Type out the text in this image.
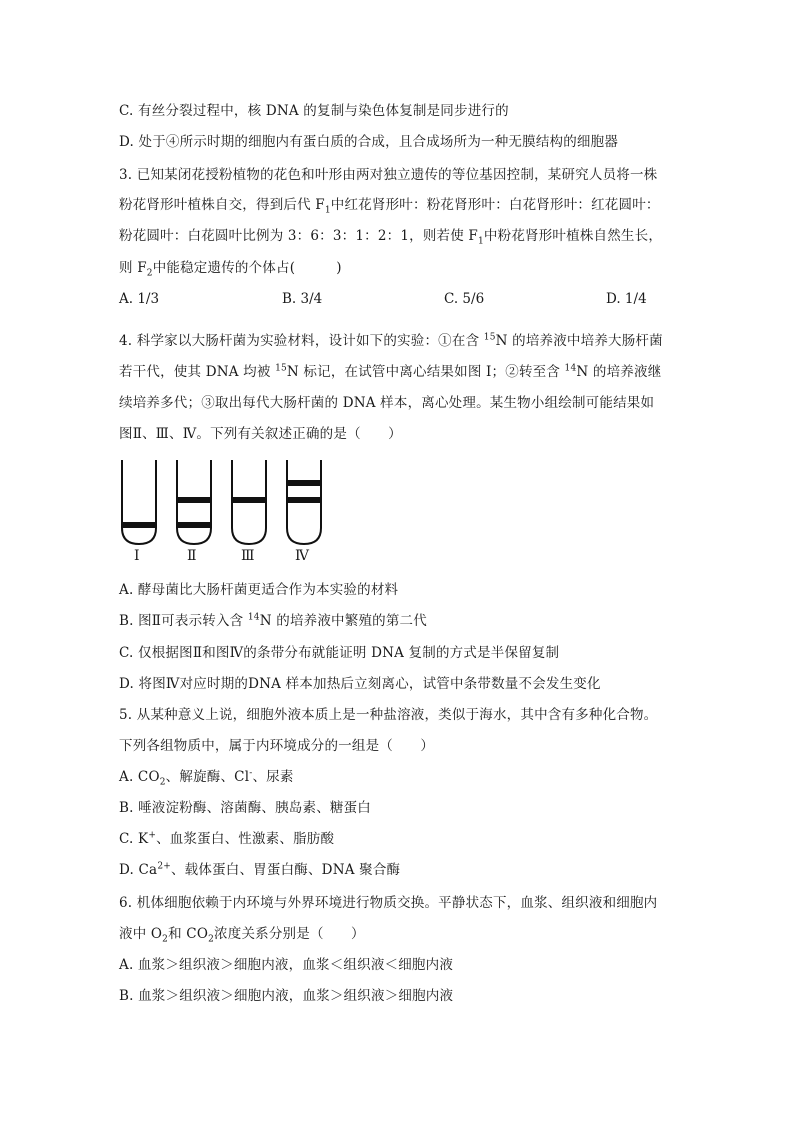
C. 有丝分裂过程中，核 DNA 的复制与染色体复制是同步进行的
D. 处于④所示时期的细胞内有蛋白质的合成，且合成场所为一种无膜结构的细胞器
3. 已知某闭花授粉植物的花色和叶形由两对独立遗传的等位基因控制，某研究人员将一株
粉花肾形叶植株自交，得到后代 $F_1$中红花肾形叶：粉花肾形叶：白花肾形叶：红花圆叶：
粉花圆叶：白花圆叶比例为 3：6：3：1：2：1，则若使 $F_1$中粉花肾形叶植株自然生长，
则 $F_2$中能稳定遗传的个体占(　　　)
A. 1/3	B. 3/4	C. 5/6	D. 1/4
4. 科学家以大肠杆菌为实验材料，设计如下的实验：①在含 $^{15}$N 的培养液中培养大肠杆菌
若干代，使其 DNA 均被 $^{15}$N 标记，在试管中离心结果如图 I；②转至含 $^{14}$N 的培养液继
续培养多代；③取出每代大肠杆菌的 DNA 样本，离心处理。某生物小组绘制可能结果如
图Ⅱ、Ⅲ、Ⅳ。下列有关叙述正确的是（　　）
Ⅰ	Ⅱ	Ⅲ	Ⅳ
A. 酵母菌比大肠杆菌更适合作为本实验的材料
B. 图Ⅱ可表示转入含 $^{14}$N 的培养液中繁殖的第二代
C. 仅根据图Ⅱ和图Ⅳ的条带分布就能证明 DNA 复制的方式是半保留复制
D. 将图Ⅳ对应时期的DNA 样本加热后立刻离心，试管中条带数量不会发生变化
5. 从某种意义上说，细胞外液本质上是一种盐溶液，类似于海水，其中含有多种化合物。
下列各组物质中，属于内环境成分的一组是（　　）
A. $CO_2$、解旋酶、Cl-、尿素
B. 唾液淀粉酶、溶菌酶、胰岛素、糖蛋白
C. K+、血浆蛋白、性激素、脂肪酸
D. $Ca^{2+}$、载体蛋白、胃蛋白酶、DNA 聚合酶
6. 机体细胞依赖于内环境与外界环境进行物质交换。平静状态下，血浆、组织液和细胞内
液中 $O_2$和 $CO_2$浓度关系分别是（　　）
A. 血浆＞组织液＞细胞内液，血浆＜组织液＜细胞内液
B. 血浆＞组织液＞细胞内液，血浆＞组织液＞细胞内液
